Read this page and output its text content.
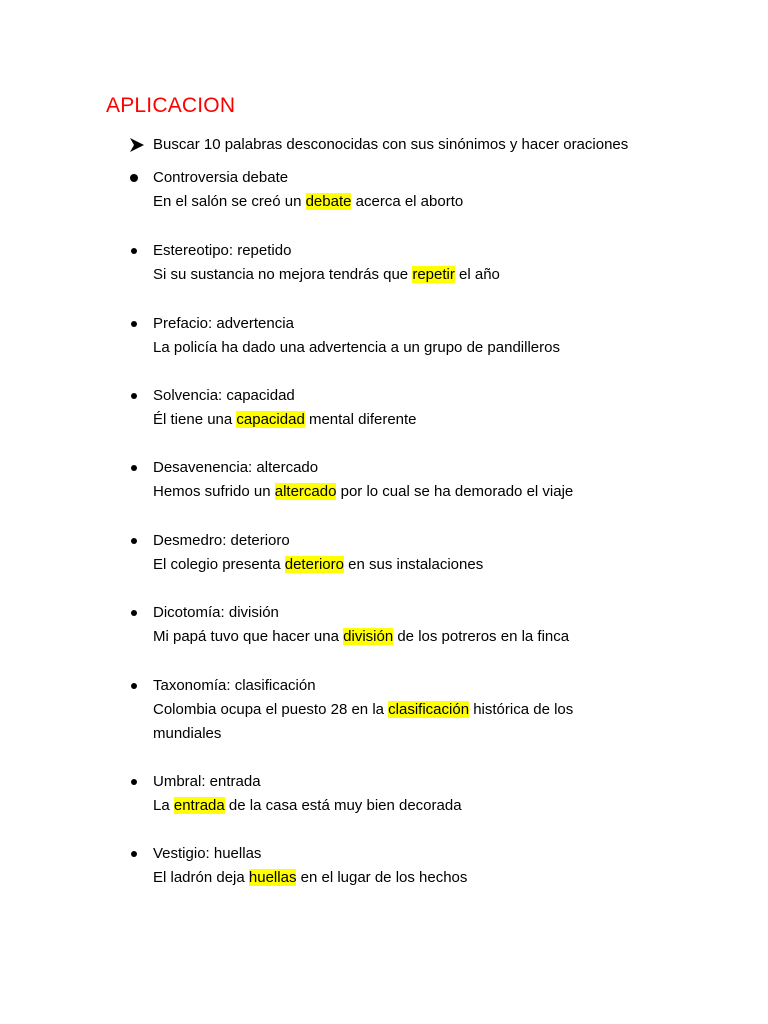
APLICACION
Buscar 10 palabras desconocidas con sus sinónimos y hacer oraciones
Controversia debate
En el salón se creó un debate acerca el aborto
Estereotipo: repetido
Si su sustancia no mejora tendrás que repetir el año
Prefacio: advertencia
La policía ha dado una advertencia a un grupo de pandilleros
Solvencia: capacidad
Él tiene una capacidad mental diferente
Desavenencia: altercado
Hemos sufrido un altercado por lo cual se ha demorado el viaje
Desmedro: deterioro
El colegio presenta deterioro en sus instalaciones
Dicotomía: división
Mi papá tuvo que hacer una división de los potreros en la finca
Taxonomía: clasificación
Colombia ocupa el puesto 28 en la clasificación histórica de los mundiales
Umbral: entrada
La entrada de la casa está muy bien decorada
Vestigio: huellas
El ladrón deja huellas en el lugar de los hechos
